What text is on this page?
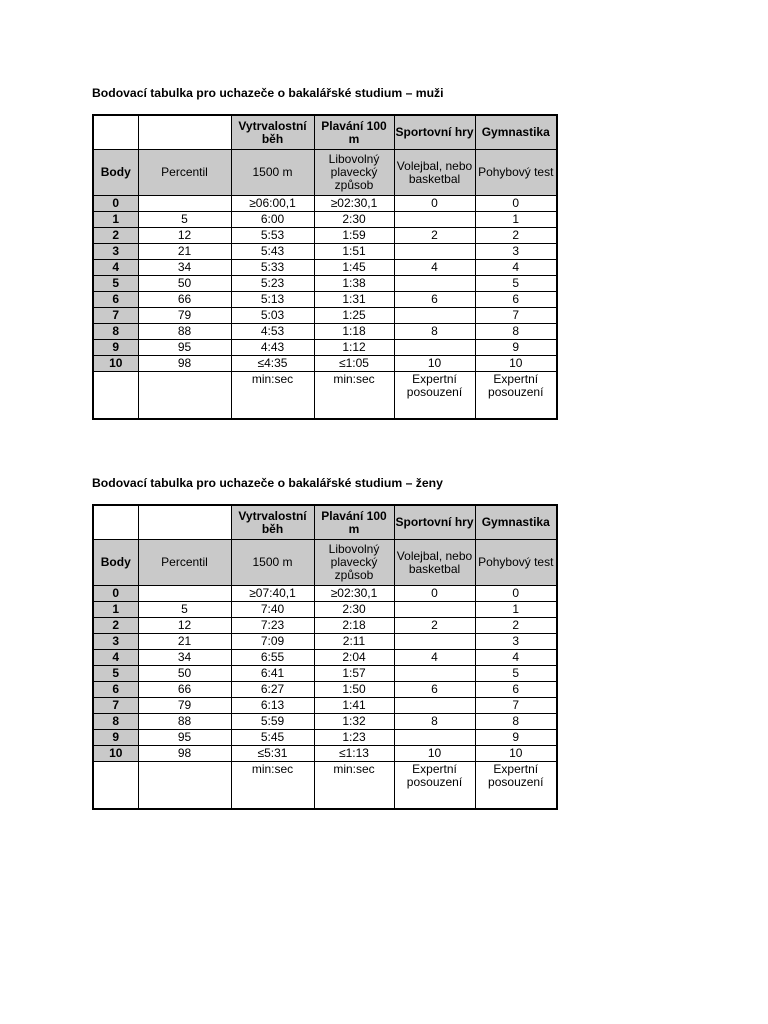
Bodovací tabulka pro uchazeče o bakalářské studium – muži
		Vytrvalostní běh	Plavání 100 m	Sportovní hry	Gymnastika
Body	Percentil	1500 m	Libovolný plavecký způsob	Volejbal, nebo basketbal	Pohybový test
0		≥06:00,1	≥02:30,1	0	0
1	5	6:00	2:30		1
2	12	5:53	1:59	2	2
3	21	5:43	1:51		3
4	34	5:33	1:45	4	4
5	50	5:23	1:38		5
6	66	5:13	1:31	6	6
7	79	5:03	1:25		7
8	88	4:53	1:18	8	8
9	95	4:43	1:12		9
10	98	≤4:35	≤1:05	10	10
		min:sec	min:sec	Expertní posouzení	Expertní posouzení
Bodovací tabulka pro uchazeče o bakalářské studium – ženy
		Vytrvalostní běh	Plavání 100 m	Sportovní hry	Gymnastika
Body	Percentil	1500 m	Libovolný plavecký způsob	Volejbal, nebo basketbal	Pohybový test
0		≥07:40,1	≥02:30,1	0	0
1	5	7:40	2:30		1
2	12	7:23	2:18	2	2
3	21	7:09	2:11		3
4	34	6:55	2:04	4	4
5	50	6:41	1:57		5
6	66	6:27	1:50	6	6
7	79	6:13	1:41		7
8	88	5:59	1:32	8	8
9	95	5:45	1:23		9
10	98	≤5:31	≤1:13	10	10
		min:sec	min:sec	Expertní posouzení	Expertní posouzení
